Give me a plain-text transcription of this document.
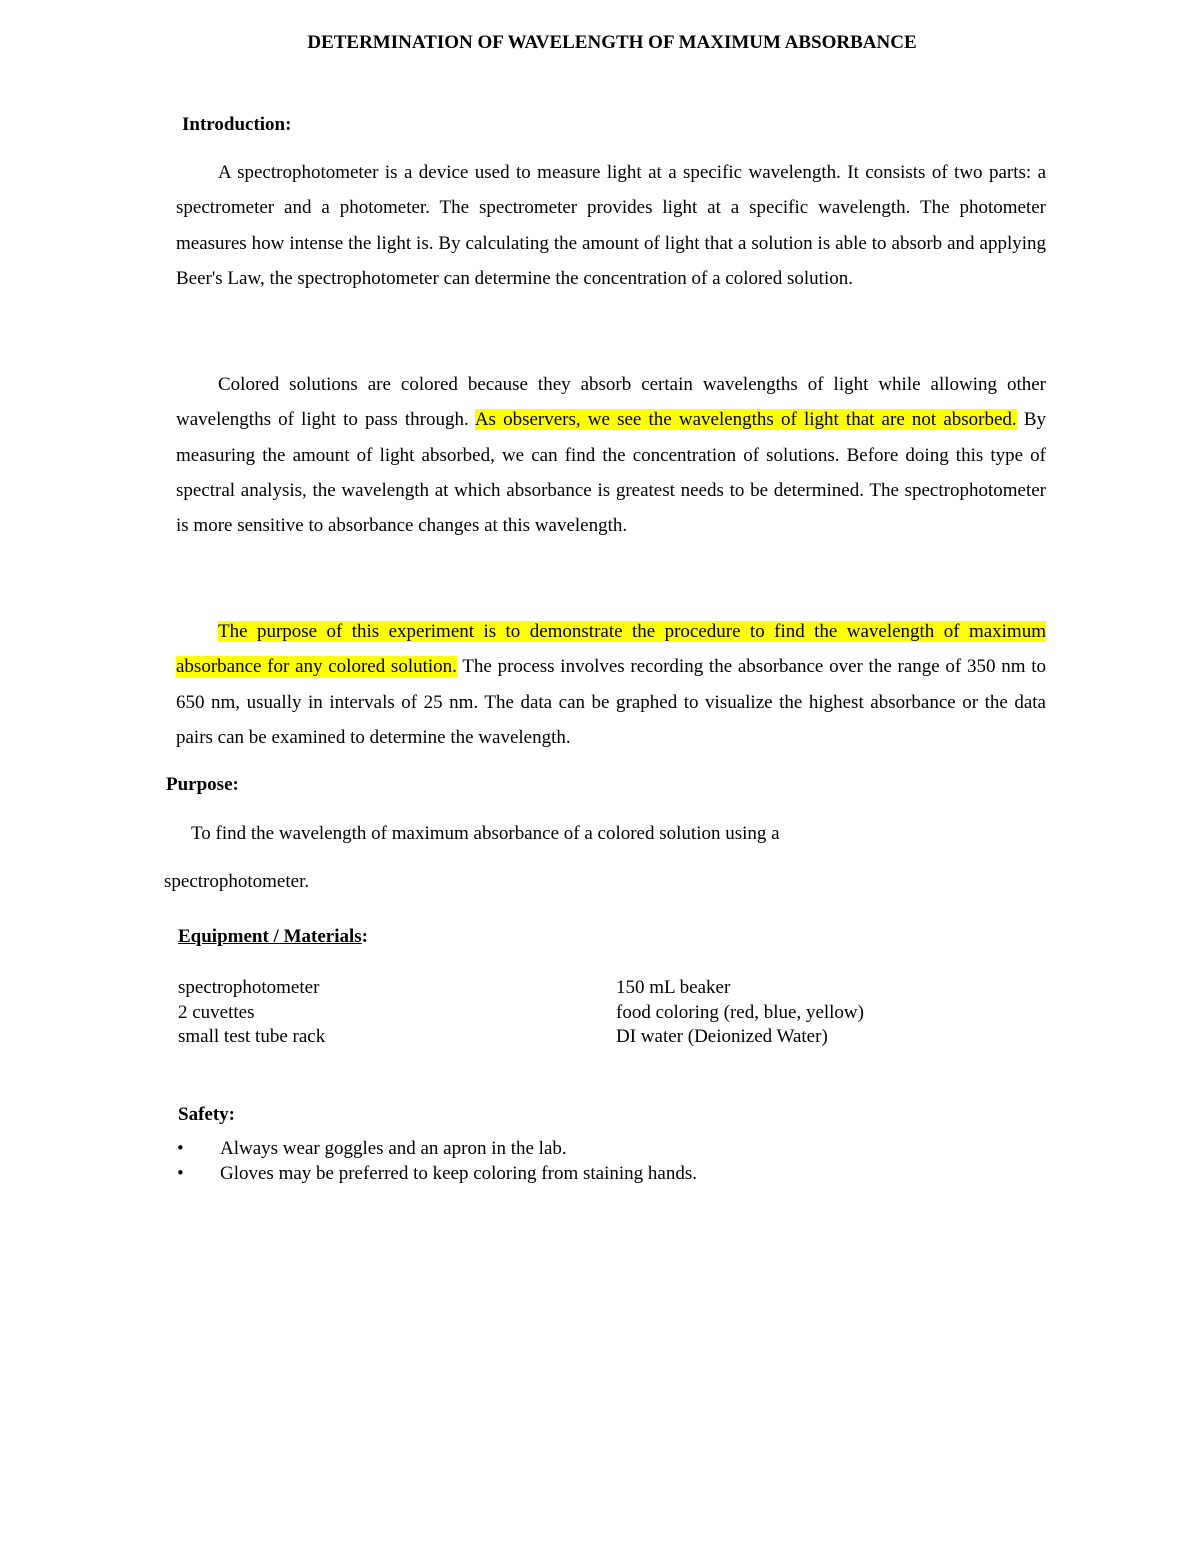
DETERMINATION OF WAVELENGTH OF MAXIMUM ABSORBANCE
Introduction:

A spectrophotometer is a device used to measure light at a specific wavelength. It consists of two parts: a spectrometer and a photometer. The spectrometer provides light at a specific wavelength. The photometer measures how intense the light is. By calculating the amount of light that a solution is able to absorb and applying Beer's Law, the spectrophotometer can determine the concentration of a colored solution.

Colored solutions are colored because they absorb certain wavelengths of light while allowing other wavelengths of light to pass through. As observers, we see the wavelengths of light that are not absorbed. By measuring the amount of light absorbed, we can find the concentration of solutions. Before doing this type of spectral analysis, the wavelength at which absorbance is greatest needs to be determined. The spectrophotometer is more sensitive to absorbance changes at this wavelength.

The purpose of this experiment is to demonstrate the procedure to find the wavelength of maximum absorbance for any colored solution. The process involves recording the absorbance over the range of 350 nm to 650 nm, usually in intervals of 25 nm. The data can be graphed to visualize the highest absorbance or the data pairs can be examined to determine the wavelength.

Purpose:

To find the wavelength of maximum absorbance of a colored solution using a

spectrophotometer.

Equipment / Materials:
spectrophotometer
2 cuvettes
small test tube rack
150 mL beaker
food coloring (red, blue, yellow)
DI water (Deionized Water)
Safety:
• Always wear goggles and an apron in the lab.
• Gloves may be preferred to keep coloring from staining hands.
